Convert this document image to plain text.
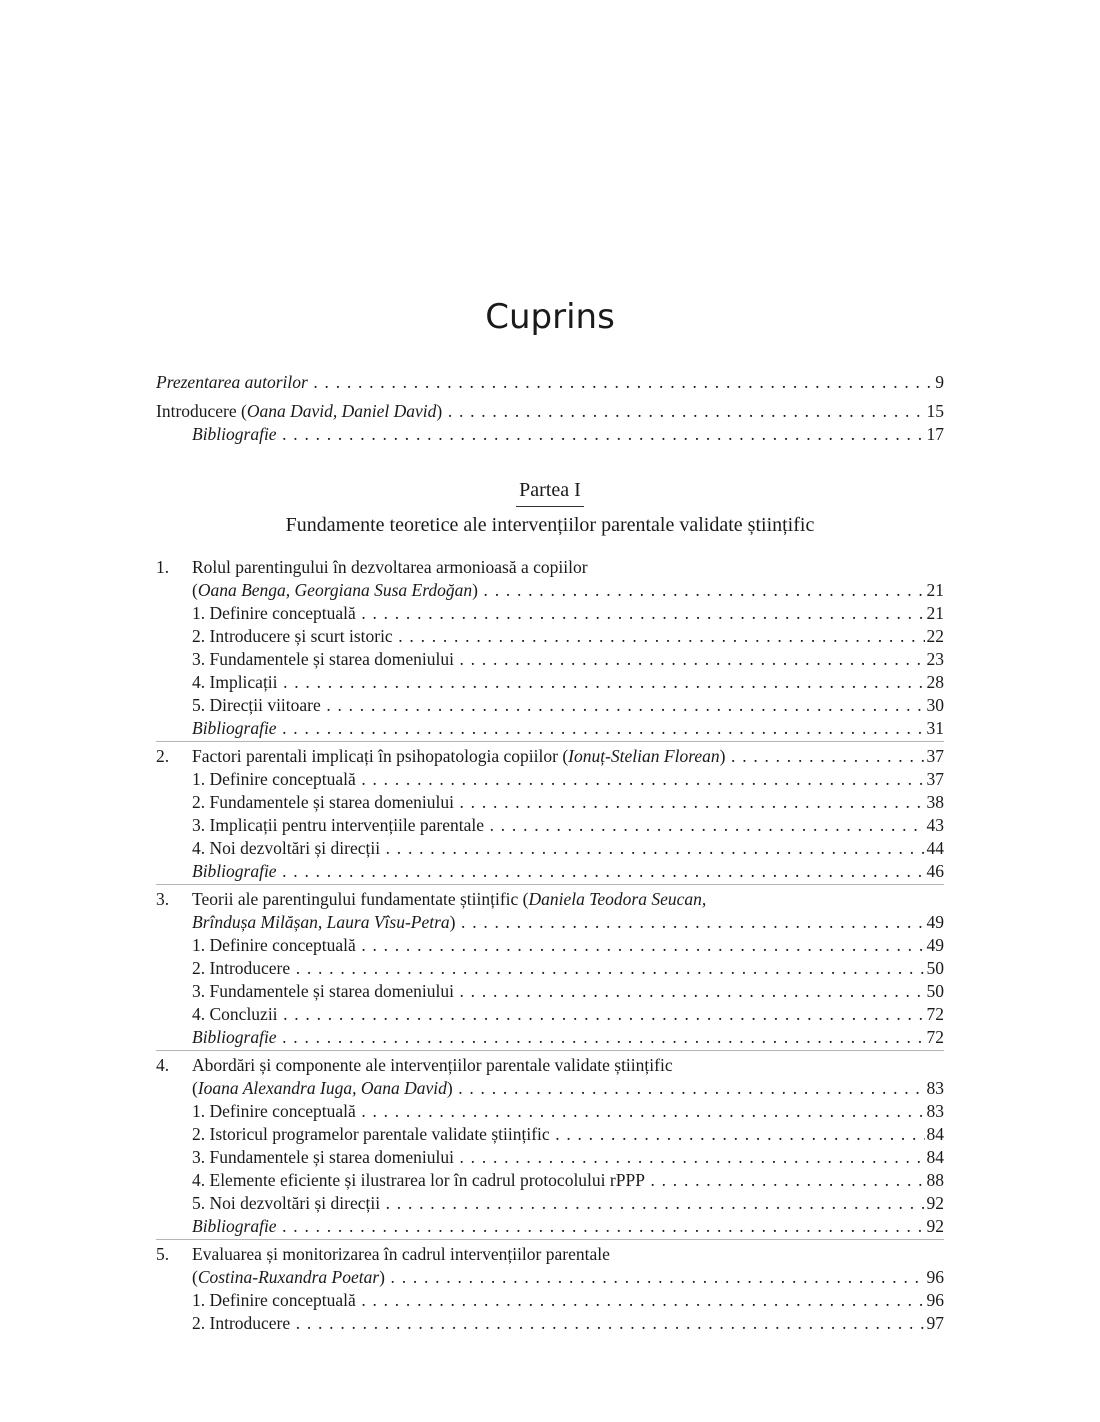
Cuprins
Prezentarea autorilor . . .	9
Introducere (Oana David, Daniel David) . . .	15
Bibliografie . . .	17
Partea I
Fundamente teoretice ale intervențiilor parentale validate științific
1. Rolul parentingului în dezvoltarea armonioasă a copiilor
(Oana Benga, Georgiana Susa Erdoğan) . . .	21
1. Definire conceptuală . . .	21
2. Introducere și scurt istoric . . .	22
3. Fundamentele și starea domeniului . . .	23
4. Implicații . . .	28
5. Direcții viitoare . . .	30
Bibliografie . . .	31
2. Factori parentali implicați în psihopatologia copiilor (Ionuț-Stelian Florean) . . .	37
1. Definire conceptuală . . .	37
2. Fundamentele și starea domeniului . . .	38
3. Implicații pentru intervențiile parentale . . .	43
4. Noi dezvoltări și direcții . . .	44
Bibliografie . . .	46
3. Teorii ale parentingului fundamentate științific (Daniela Teodora Seucan,
Brîndușa Milășan, Laura Vîsu-Petra) . . .	49
1. Definire conceptuală . . .	49
2. Introducere . . .	50
3. Fundamentele și starea domeniului . . .	50
4. Concluzii . . .	72
Bibliografie . . .	72
4. Abordări și componente ale intervențiilor parentale validate științific
(Ioana Alexandra Iuga, Oana David) . . .	83
1. Definire conceptuală . . .	83
2. Istoricul programelor parentale validate științific . . .	84
3. Fundamentele și starea domeniului . . .	84
4. Elemente eficiente și ilustrarea lor în cadrul protocolului rPPP . . .	88
5. Noi dezvoltări și direcții . . .	92
Bibliografie . . .	92
5. Evaluarea și monitorizarea în cadrul intervențiilor parentale
(Costina-Ruxandra Poetar) . . .	96
1. Definire conceptuală . . .	96
2. Introducere . . .	97
